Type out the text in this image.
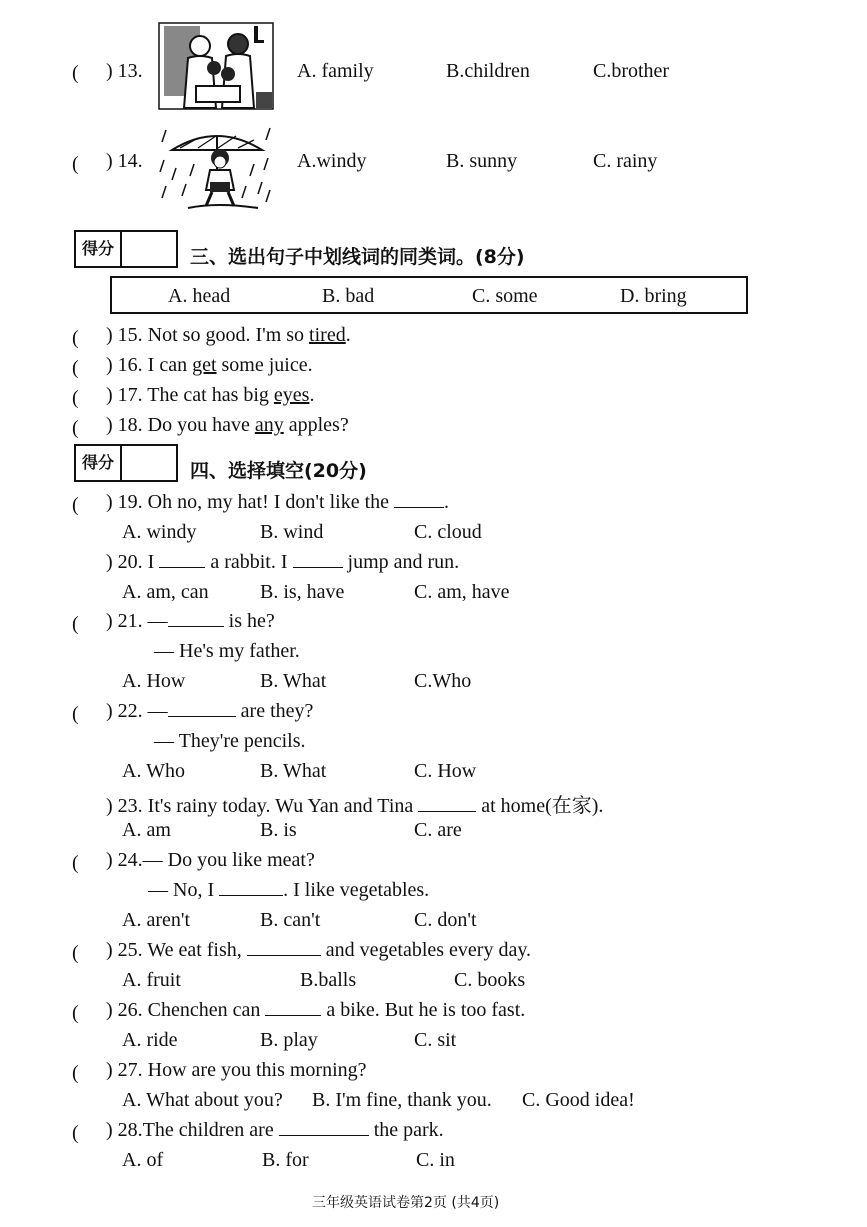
( ) 13.	A. family	B.children	C.brother
( ) 14.	A.windy	B. sunny	C. rainy
得分	三、选出句子中划线词的同类词。(8分)
A. head	B. bad	C. some	D. bring
( ) 15. Not so good. I'm so tired.
( ) 16. I can get some juice.
( ) 17. The cat has big eyes.
( ) 18. Do you have any apples?
得分	四、选择填空(20分)
( ) 19. Oh no, my hat! I don't like the	.
A. windy	B. wind	C. cloud
) 20. I  a rabbit. I	jump and run.
A. am, can	B. is, have	C. am, have
( ) 21. —	is he?
— He's my father.
A. How	B. What	C.Who
( ) 22. —	are they?
— They're pencils.
A. Who	B. What	C. How
) 23. It's rainy today. Wu Yan and Tina	at home(在家).
A. am	B. is	C. are
( ) 24.— Do you like meat?
— No, I	. I like vegetables.
A. aren't	B. can't	C. don't
( ) 25. We eat fish,	and vegetables every day.
A. fruit	B.balls	C. books
( ) 26. Chenchen can	a bike. But he is too fast.
A. ride	B. play	C. sit
( ) 27. How are you this morning?
A. What about you? B. I'm fine, thank you. C. Good idea!
( ) 28.The children are	the park.
A. of	B. for	C. in
三年级英语试卷第2页 (共4页)
